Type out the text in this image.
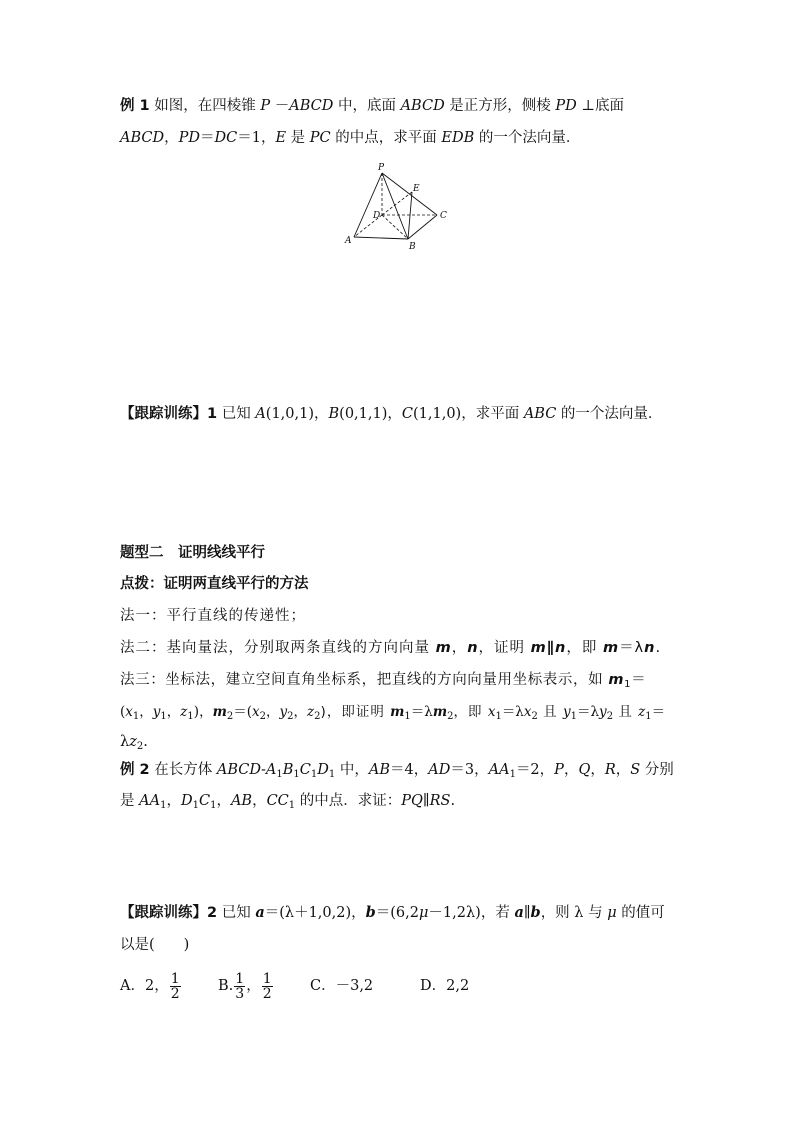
例 1 如图，在四棱锥 P －ABCD 中，底面 ABCD 是正方形，侧棱 PD ⊥底面
ABCD，PD＝DC＝1，E 是 PC 的中点，求平面 EDB 的一个法向量．
P
E
D	C
A
B
【跟踪训练】1 已知 A(1,0,1)，B(0,1,1)，C(1,1,0)，求平面 ABC 的一个法向量．
题型二　证明线线平行
点拨：证明两直线平行的方法
法一：平行直线的传递性；
法二：基向量法，分别取两条直线的方向向量 m，n，证明 m∥n，即 m＝λn.
法三：坐标法，建立空间直角坐标系，把直线的方向向量用坐标表示，如 $m_1=$
($x_1$，$y_1$，$z_1$)，$m_2=(x_2$，$y_2$，$z_2$)，即证明 $m_1=\lambda m_2$，即 $x_1=\lambda x_2$ 且 $y_1=\lambda y_2$ 且 $z_1=$
$\lambda z_2$.
例 2 在长方体 ABCD-$A_1B_1C_1D_1$ 中，AB＝4，AD＝3，$AA_1=2$，P，Q，R，S 分别
是 $AA_1$，$D_1C_1$，AB，$CC_1$ 的中点．求证：PQ∥RS.
【跟踪训练】2 已知 a＝(λ＋1,0,2)，b＝(6,2μ－1,2λ)，若 a∥b，则 λ 与 μ 的值可
以是(　　)
A．2， $\frac{1}{2}$	B. $\frac{1}{3}$ ， $\frac{1}{2}$	C．－3,2	D．2,2
